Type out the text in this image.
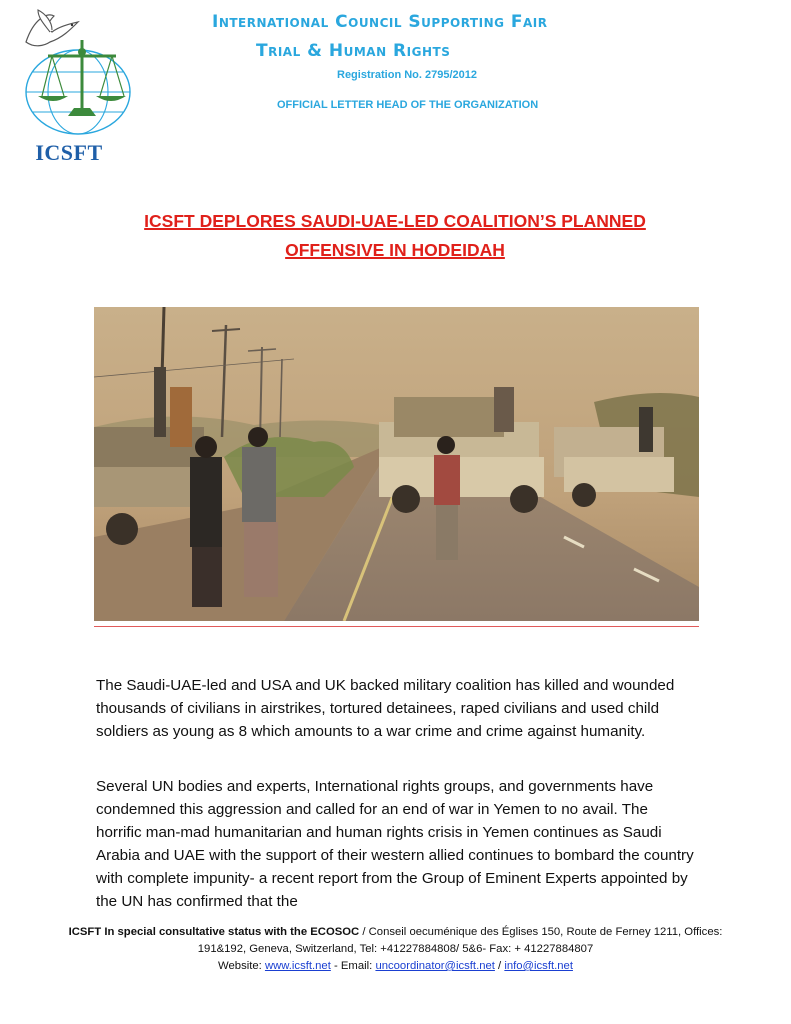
ICSFT
International Council Supporting Fair
Trial & Human Rights
Registration No. 2795/2012
OFFICIAL LETTER HEAD OF THE ORGANIZATION
ICSFT DEPLORES SAUDI-UAE-LED COALITION’S PLANNED
OFFENSIVE IN HODEIDAH

The Saudi-UAE-led and USA and UK backed military coalition has killed and wounded thousands of civilians in airstrikes, tortured detainees, raped civilians and used child soldiers as young as 8 which amounts to a war crime and crime against humanity.

Several UN bodies and experts, International rights groups, and governments have condemned this aggression and called for an end of war in Yemen to no avail. The horrific man-mad humanitarian and human rights crisis in Yemen continues as Saudi Arabia and UAE with the support of their western allied continues to bombard the country with complete impunity- a recent report from the Group of Eminent Experts appointed by the UN has confirmed that the

ICSFT In special consultative status with the ECOSOC / Conseil oecuménique des Églises 150, Route de Ferney 1211, Offices: 191&192, Geneva, Switzerland, Tel: +41227884808/ 5&6- Fax: + 41227884807
Website: www.icsft.net - Email: uncoordinator@icsft.net / info@icsft.net
